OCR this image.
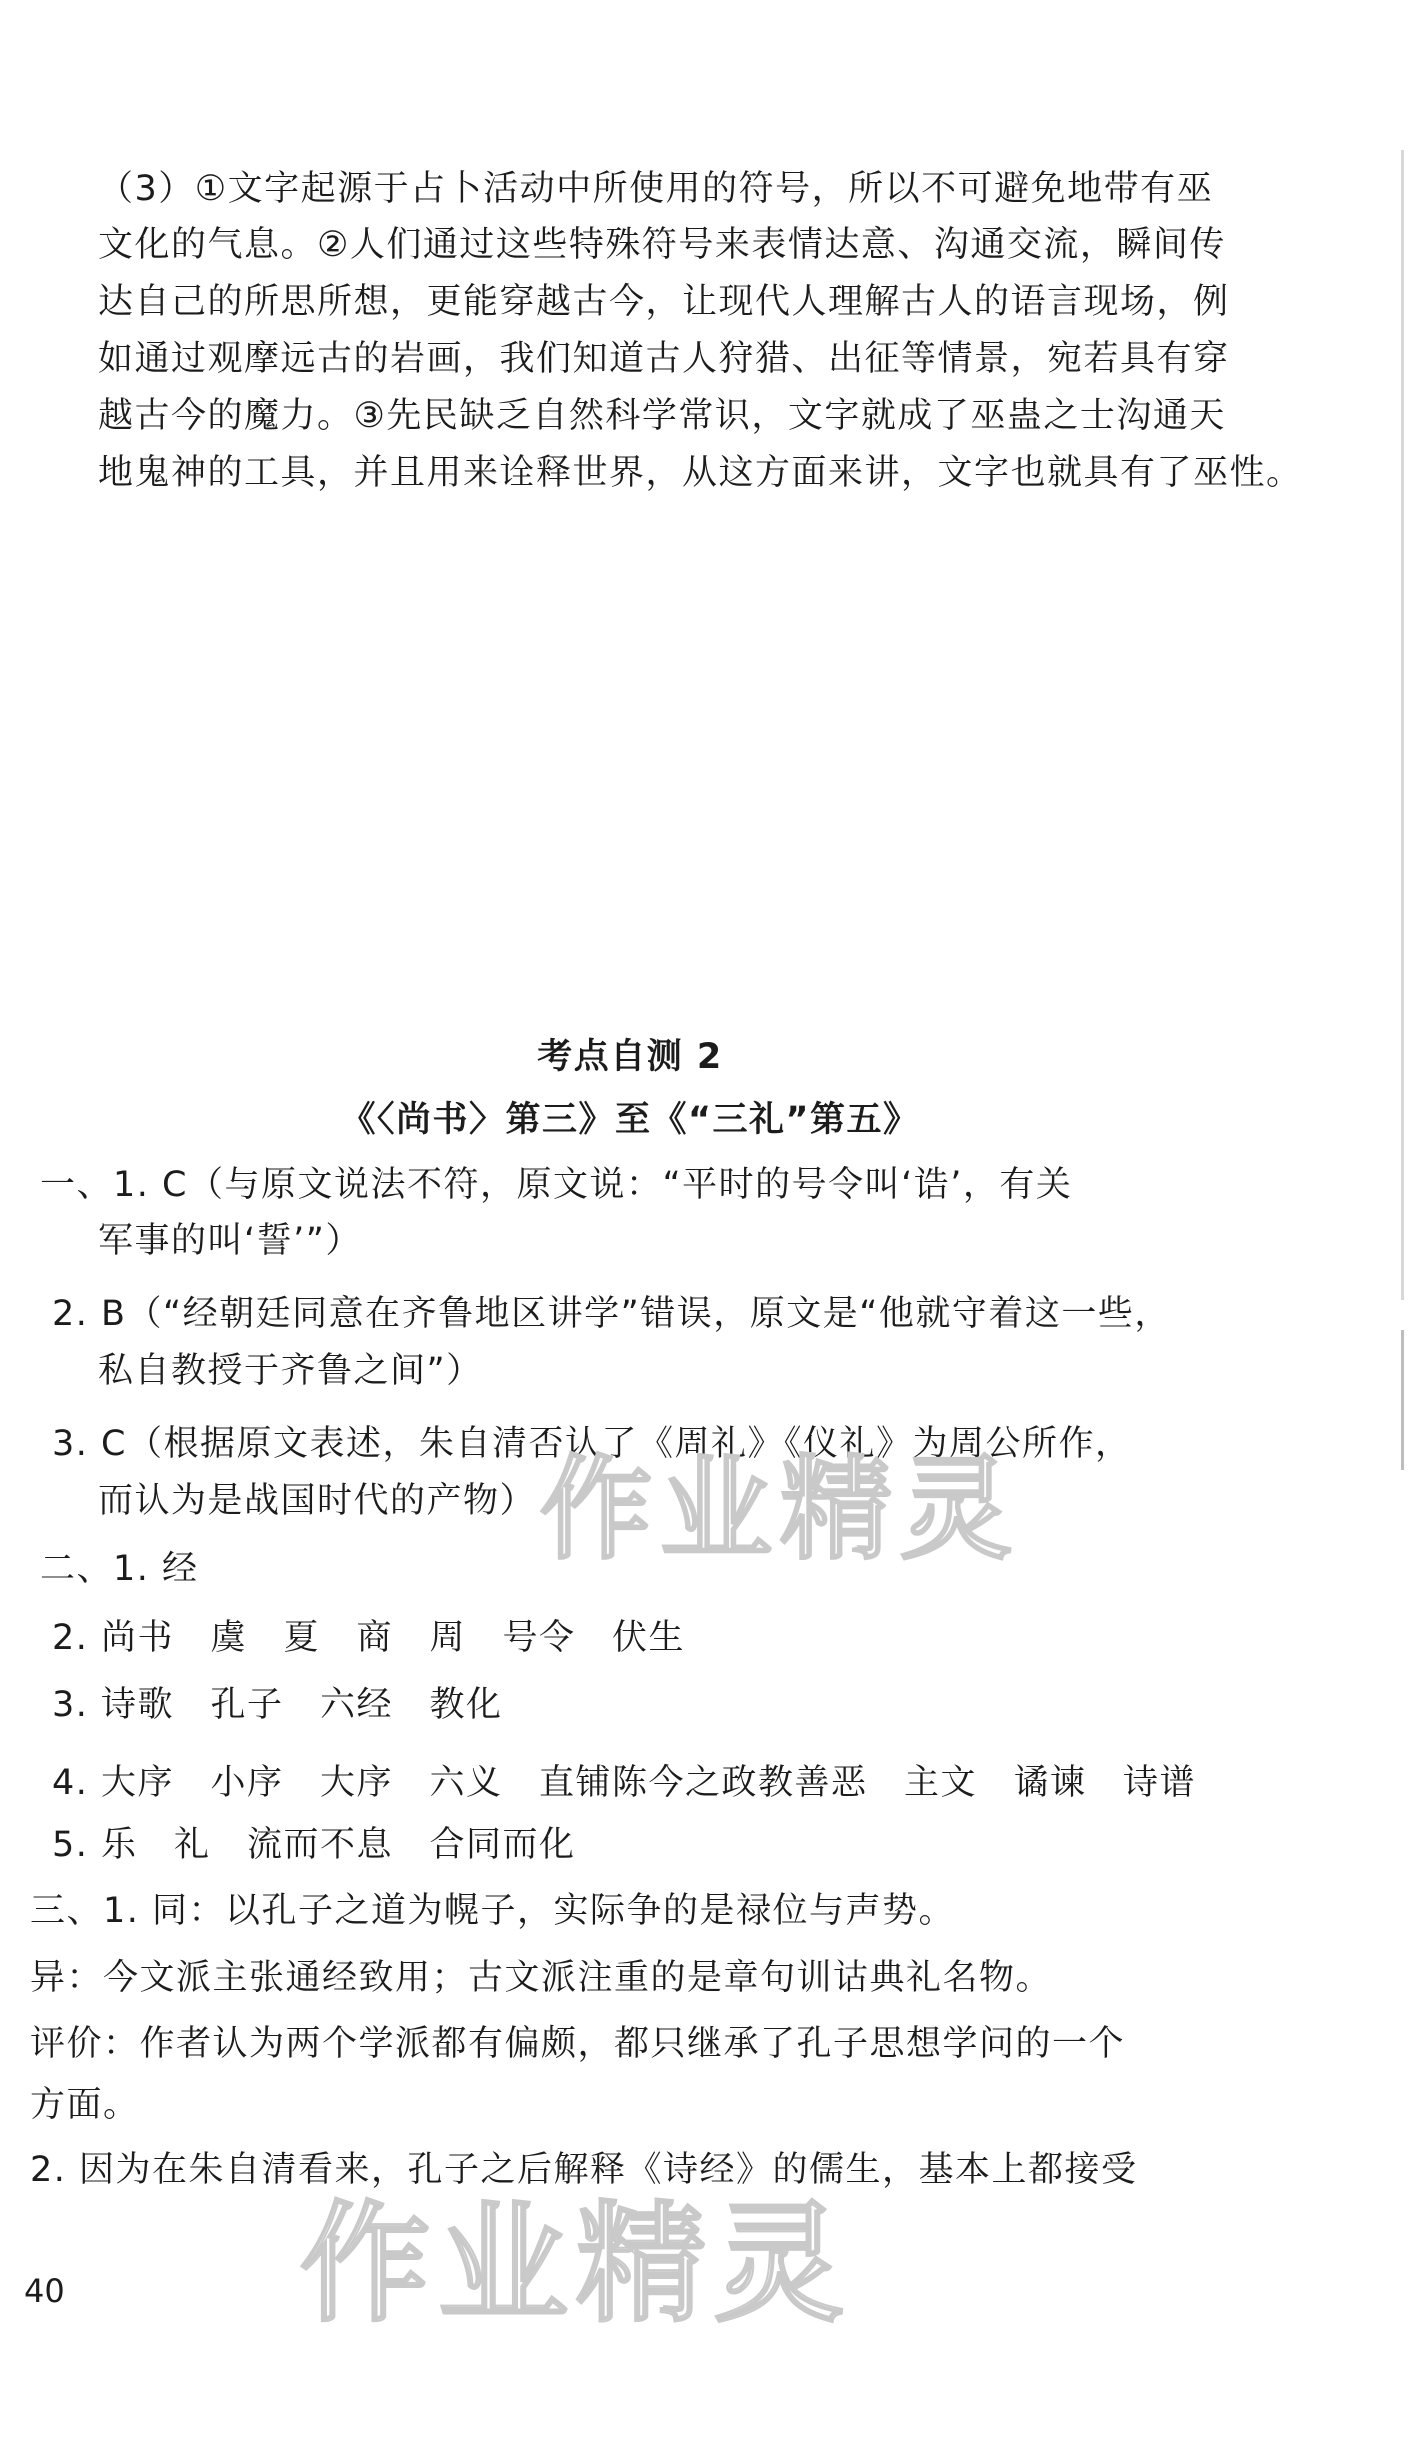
（3）①文字起源于占卜活动中所使用的符号，所以不可避免地带有巫
文化的气息。②人们通过这些特殊符号来表情达意、沟通交流，瞬间传
达自己的所思所想，更能穿越古今，让现代人理解古人的语言现场，例
如通过观摩远古的岩画，我们知道古人狩猎、出征等情景，宛若具有穿
越古今的魔力。③先民缺乏自然科学常识，文字就成了巫蛊之士沟通天
地鬼神的工具，并且用来诠释世界，从这方面来讲，文字也就具有了巫性。
考点自测 2
《〈尚书〉第三》至《“三礼”第五》
一、1. C（与原文说法不符，原文说：“平时的号令叫‘诰’，有关
军事的叫‘誓’”）
2. B（“经朝廷同意在齐鲁地区讲学”错误，原文是“他就守着这一些，
私自教授于齐鲁之间”）
3. C（根据原文表述，朱自清否认了《周礼》《仪礼》为周公所作，
而认为是战国时代的产物）
二、1. 经
2. 尚书　虞　夏　商　周　号令　伏生
3. 诗歌　孔子　六经　教化
4. 大序　小序　大序　六义　直铺陈今之政教善恶　主文　谲谏　诗谱
5. 乐　礼　流而不息　合同而化
三、1. 同：以孔子之道为幌子，实际争的是禄位与声势。
异：今文派主张通经致用；古文派注重的是章句训诂典礼名物。
评价：作者认为两个学派都有偏颇，都只继承了孔子思想学问的一个
方面。
2. 因为在朱自清看来，孔子之后解释《诗经》的儒生，基本上都接受
作业精灵
作业精灵
40
